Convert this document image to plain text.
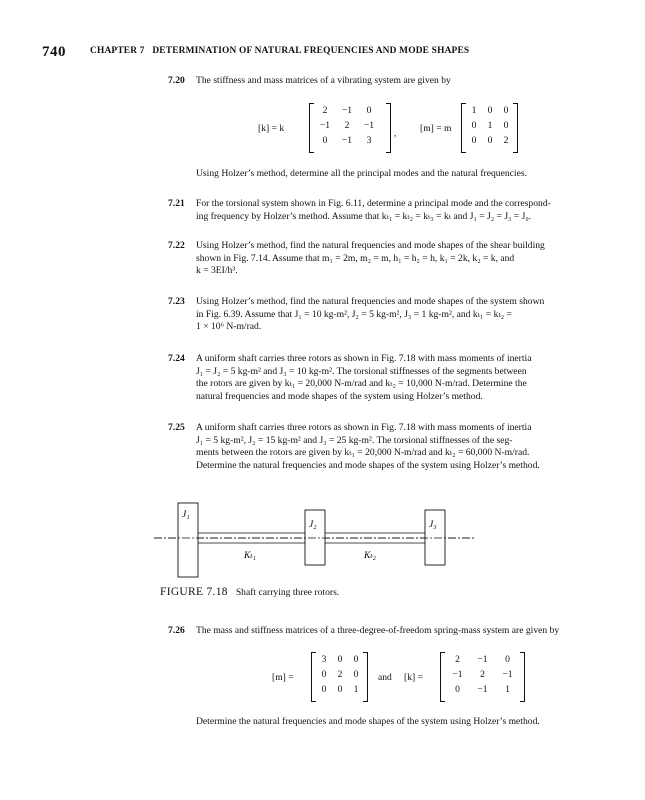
740	CHAPTER 7 DETERMINATION OF NATURAL FREQUENCIES AND MODE SHAPES
7.20 The stiffness and mass matrices of a vibrating system are given by
[k] = k
2	−1	0
−1	2	−1
0	−1	3
, [m] = m
1	0	0
0	1	0
0	0	2
Using Holzer’s method, determine all the principal modes and the natural frequencies.
7.21 For the torsional system shown in Fig. 6.11, determine a principal mode and the correspond-
ing frequency by Holzer’s method. Assume that kₜ₁ = kₜ₂ = kₜ₃ = kₜ and J₁ = J₂ = J₃ = J₀.
7.22 Using Holzer’s method, find the natural frequencies and mode shapes of the shear building
shown in Fig. 7.14. Assume that m₁ = 2m, m₂ = m, h₁ = h₂ = h, k₁ = 2k, k₂ = k, and
k = 3EI/h³.
7.23 Using Holzer’s method, find the natural frequencies and mode shapes of the system shown
in Fig. 6.39. Assume that J₁ = 10 kg-m², J₂ = 5 kg-m², J₃ = 1 kg-m², and kₜ₁ = kₜ₂ =
1 × 10⁶ N-m/rad.
7.24 A uniform shaft carries three rotors as shown in Fig. 7.18 with mass moments of inertia
J₁ = J₂ = 5 kg-m² and J₃ = 10 kg-m². The torsional stiffnesses of the segments between
the rotors are given by kₜ₁ = 20,000 N-m/rad and kₜ₂ = 10,000 N-m/rad. Determine the
natural frequencies and mode shapes of the system using Holzer’s method.
7.25 A uniform shaft carries three rotors as shown in Fig. 7.18 with mass moments of inertia
J₁ = 5 kg-m², J₂ = 15 kg-m² and J₃ = 25 kg-m². The torsional stiffnesses of the seg-
ments between the rotors are given by kₜ₁ = 20,000 N-m/rad and kₜ₂ = 60,000 N-m/rad.
Determine the natural frequencies and mode shapes of the system using Holzer’s method.
J₁
J₂	J₃
Kₜ₁	Kₜ₂
FIGURE 7.18 Shaft carrying three rotors.
7.26 The mass and stiffness matrices of a three-degree-of-freedom spring-mass system are given by
[m] =
3	0	0
0	2	0
0	0	1
and [k] =
2	−1	0
−1	2	−1
0	−1	1
Determine the natural frequencies and mode shapes of the system using Holzer’s method.
